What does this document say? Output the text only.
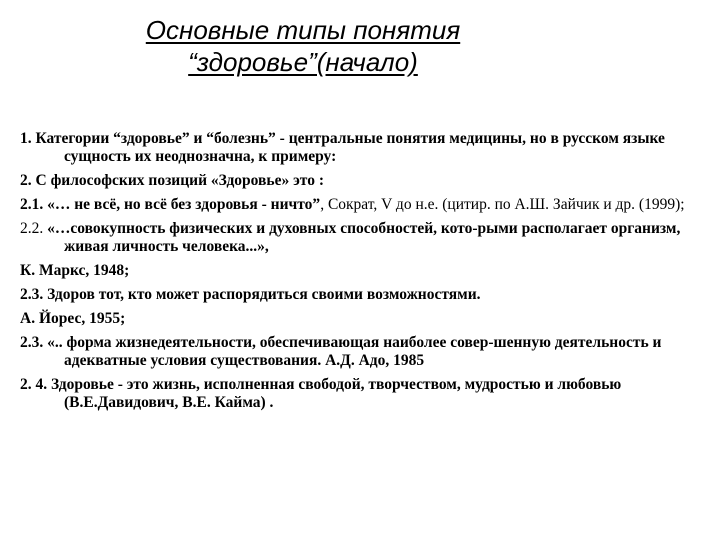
Основные типы понятия
“здоровье”(начало)

1. Категории “здоровье” и “болезнь” - центральные понятия медицины, но в русском языке сущность их неоднозначна, к примеру:

2. С философских позиций «Здоровье» это :

2.1. «… не всё, но всё без здоровья - ничто”, Сократ, V до н.е. (цитир. по А.Ш. Зайчик и др. (1999);

2.2. «…совокупность физических и духовных способностей, кото-рыми располагает организм, живая личность человека...»,

К. Маркс, 1948;

2.3. Здоров тот, кто может распорядиться своими возможностями.

А. Йорес, 1955;

2.3. «.. форма жизнедеятельности, обеспечивающая наиболее совер-шенную деятельность и адекватные условия существования. А.Д. Адо, 1985

2. 4. Здоровье - это жизнь, исполненная свободой, творчеством, мудростью и любовью (В.Е.Давидович, В.Е. Кайма) .
